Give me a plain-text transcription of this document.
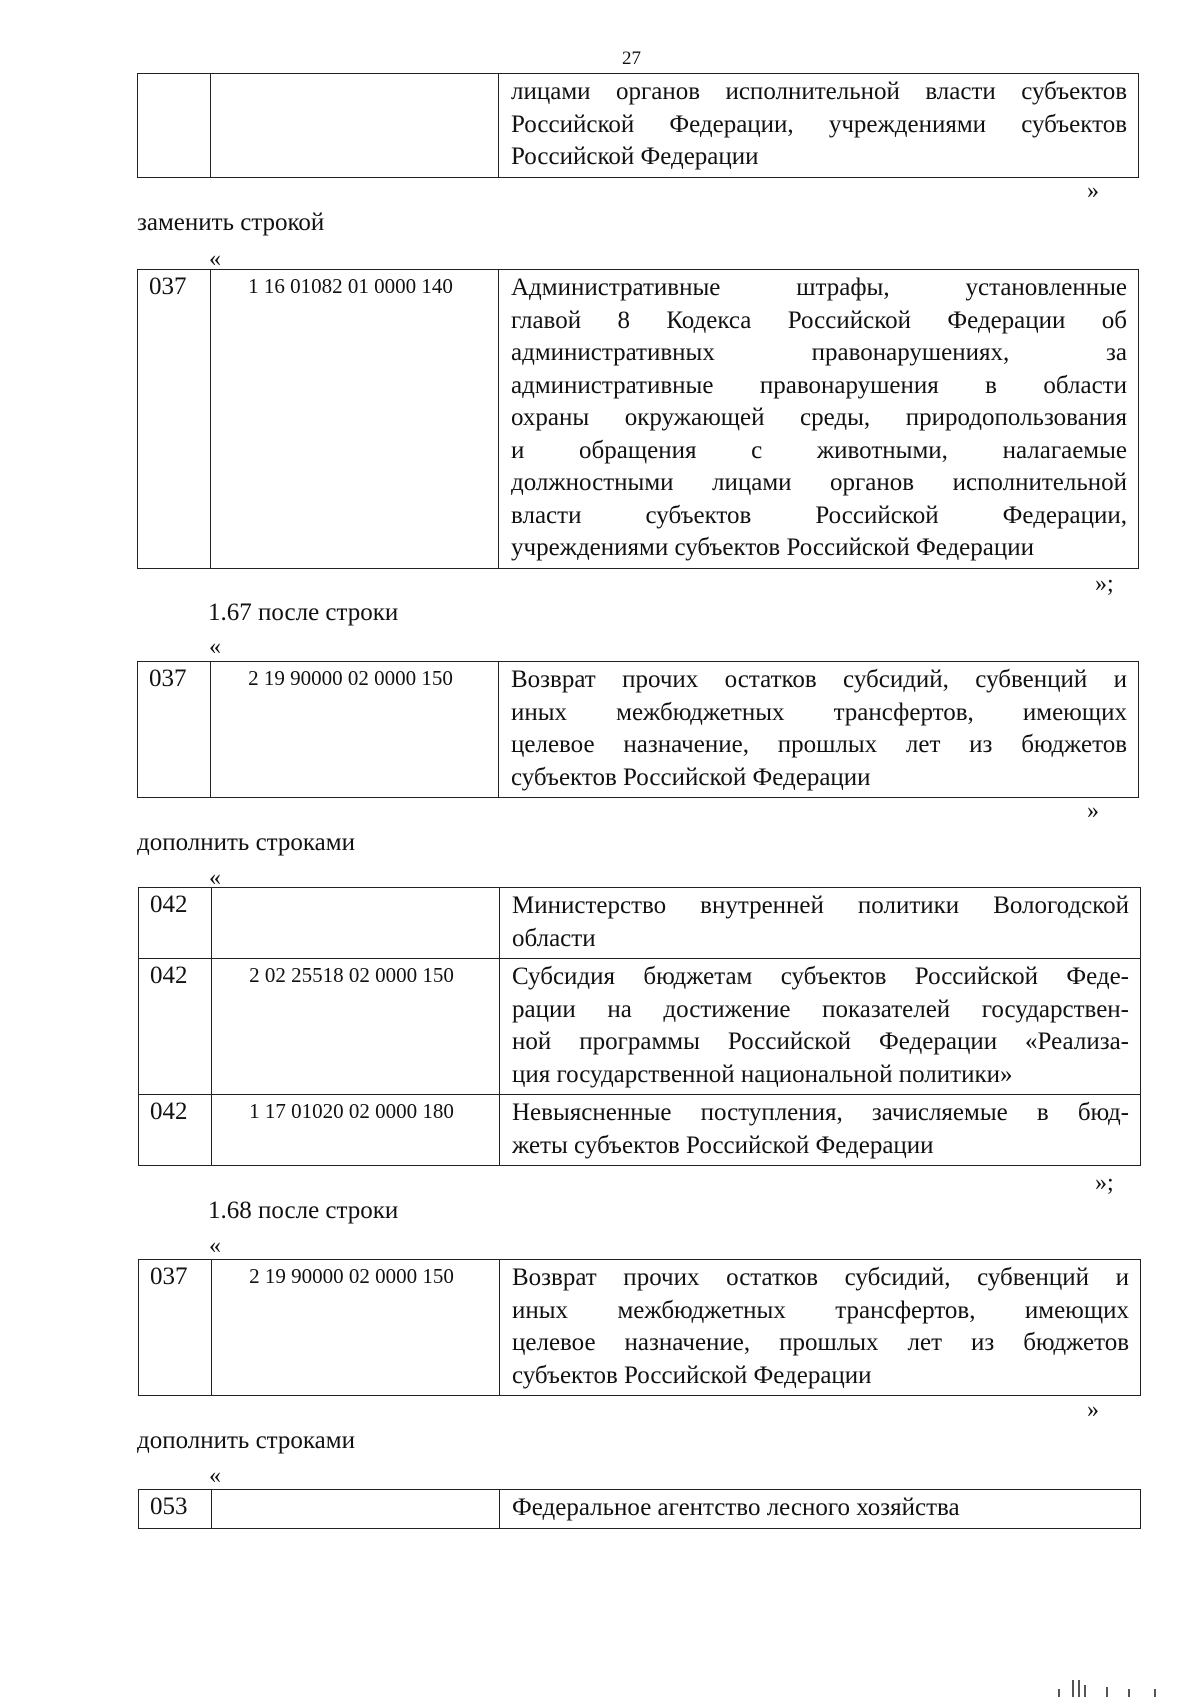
27

лицами органов исполнительной власти субъектов
Российской Федерации, учреждениями субъектов
Российской Федерации
»
заменить строкой
«
037	1 16 01082 01 0000 140	Административные штрафы, установленные
главой 8 Кодекса Российской Федерации об
административных правонарушениях, за
административные правонарушения в области
охраны окружающей среды, природопользования
и обращения с животными, налагаемые
должностными лицами органов исполнительной
власти субъектов Российской Федерации,
учреждениями субъектов Российской Федерации
»;
1.67 после строки
«
037	2 19 90000 02 0000 150	Возврат прочих остатков субсидий, субвенций и
иных межбюджетных трансфертов, имеющих
целевое назначение, прошлых лет из бюджетов
субъектов Российской Федерации
»
дополнить строками
«
042		Министерство внутренней политики Вологодской
области

042	2 02 25518 02 0000 150	Субсидия бюджетам субъектов Российской Феде-
рации на достижение показателей государствен-
ной программы Российской Федерации «Реализа-
ция государственной национальной политики»

042	1 17 01020 02 0000 180	Невыясненные поступления, зачисляемые в бюд-
жеты субъектов Российской Федерации
»;
1.68 после строки
«
037	2 19 90000 02 0000 150	Возврат прочих остатков субсидий, субвенций и
иных межбюджетных трансфертов, имеющих
целевое назначение, прошлых лет из бюджетов
субъектов Российской Федерации
»
дополнить строками
«
053		Федеральное агентство лесного хозяйства
